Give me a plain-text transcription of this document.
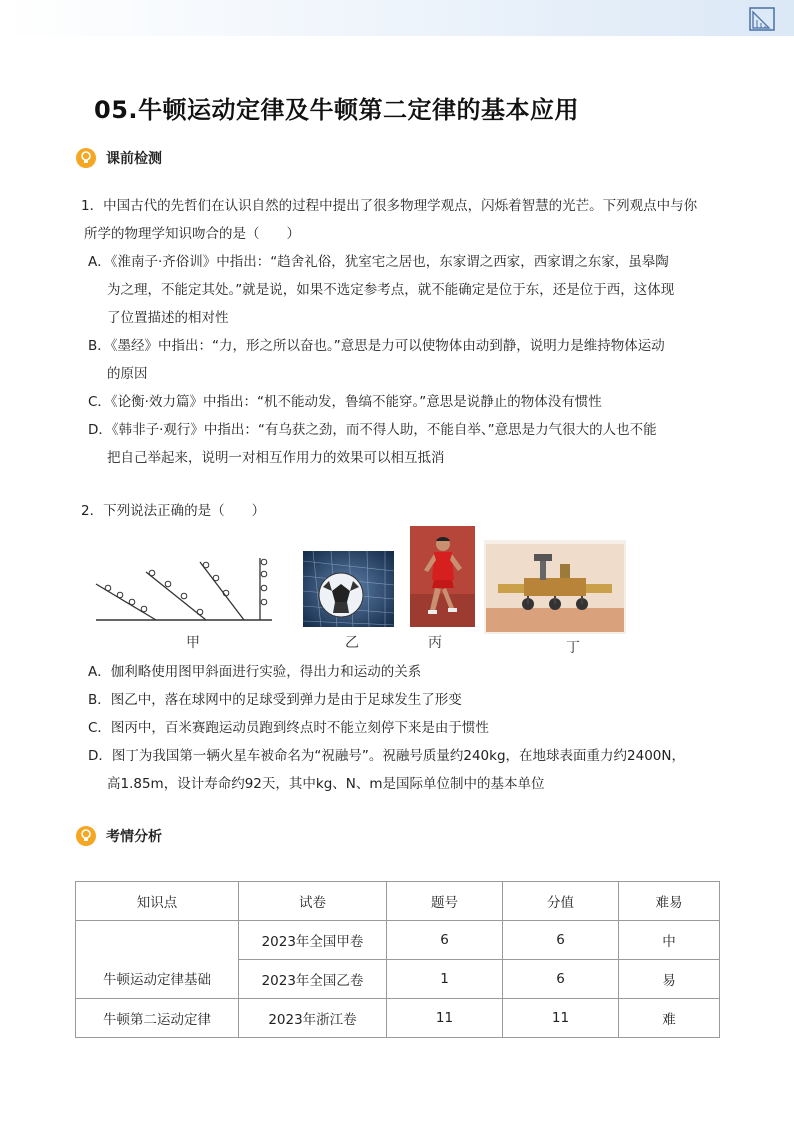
05.牛顿运动定律及牛顿第二定律的基本应用
课前检测
1．中国古代的先哲们在认识自然的过程中提出了很多物理学观点，闪烁着智慧的光芒。下列观点中与你
所学的物理学知识吻合的是（　　）
A．《淮南子·齐俗训》中指出：“趋舍礼俗，犹室宅之居也，东家谓之西家，西家谓之东家，虽皋陶
为之理，不能定其处。”就是说，如果不选定参考点，就不能确定是位于东，还是位于西，这体现
了位置描述的相对性
B．《墨经》中指出：“力，形之所以奋也。”意思是力可以使物体由动到静，说明力是维持物体运动
的原因
C．《论衡·效力篇》中指出：“机不能动发，鲁缟不能穿。”意思是说静止的物体没有惯性
D．《韩非子·观行》中指出：“有乌获之劲，而不得人助，不能自举、”意思是力气很大的人也不能
把自己举起来，说明一对相互作用力的效果可以相互抵消
2．下列说法正确的是（　　）
甲	乙	丙	丁
A．伽利略使用图甲斜面进行实验，得出力和运动的关系
B．图乙中，落在球网中的足球受到弹力是由于足球发生了形变
C．图丙中，百米赛跑运动员跑到终点时不能立刻停下来是由于惯性
D．图丁为我国第一辆火星车被命名为“祝融号”。祝融号质量约240kg，在地球表面重力约2400N，
高1.85m，设计寿命约92天，其中kg、N、m是国际单位制中的基本单位
考情分析
知识点	试卷	题号	分值	难易
牛顿运动定律基础	2023年全国甲卷	6	6	中
	2023年全国乙卷	1	6	易
牛顿第二运动定律	2023年浙江卷	11	11	难
